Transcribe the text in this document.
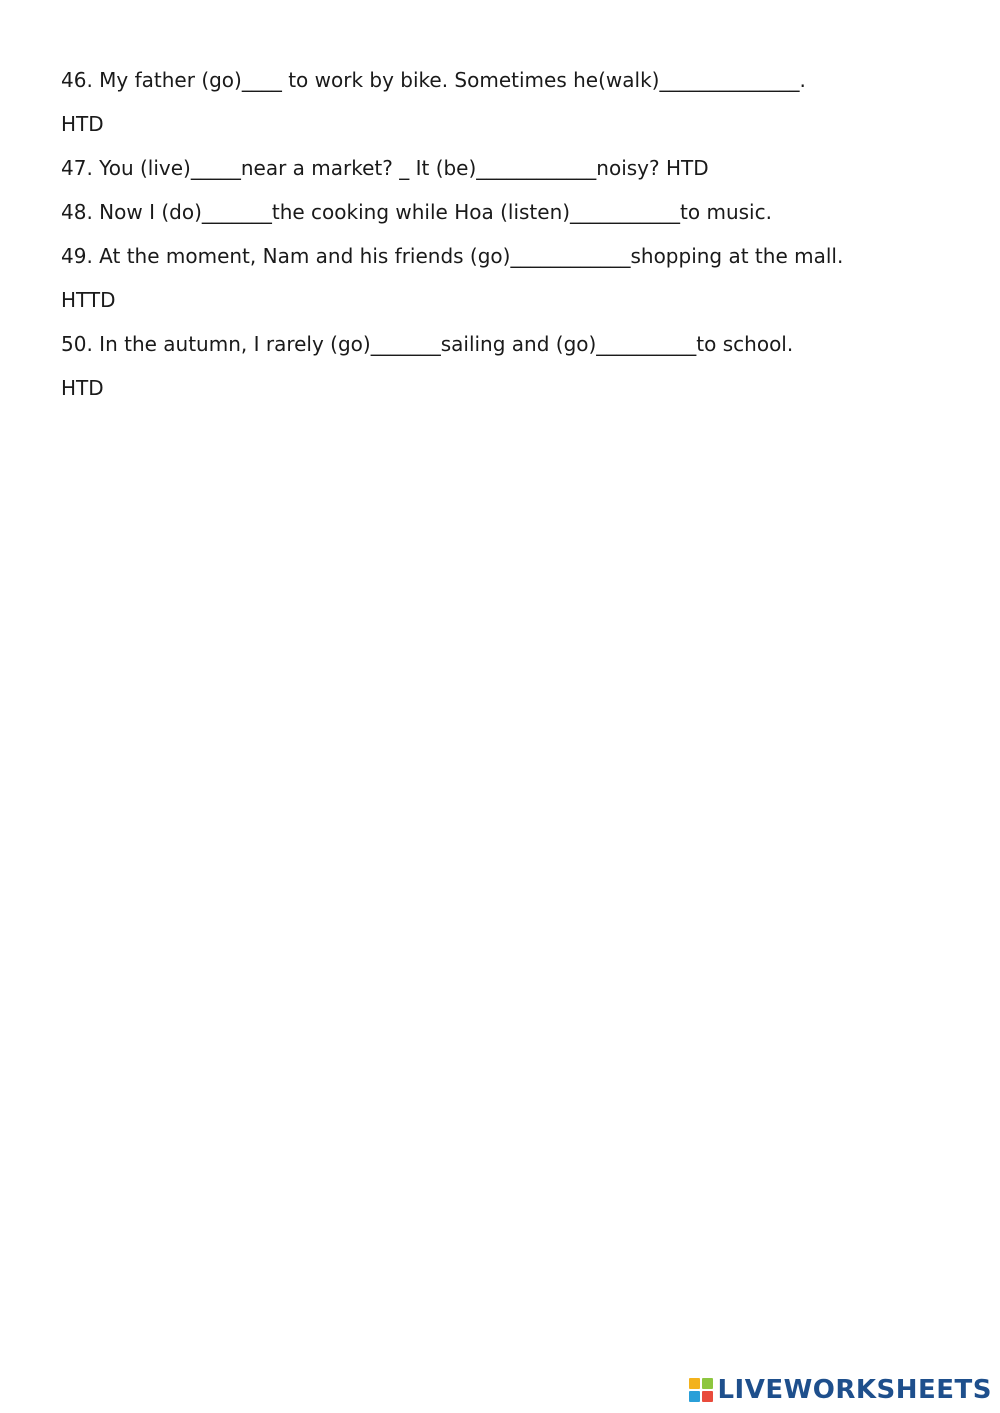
46. My father (go)____ to work by bike. Sometimes he(walk)______________.
HTD
47. You (live)_____near a market? _ It (be)____________noisy? HTD
48. Now I (do)_______the cooking while Hoa (listen)___________to music.
49. At the moment, Nam and his friends (go)____________shopping at the mall.
HTTD
50. In the autumn, I rarely (go)_______sailing and (go)__________to school.
HTD
LIVEWORKSHEETS
